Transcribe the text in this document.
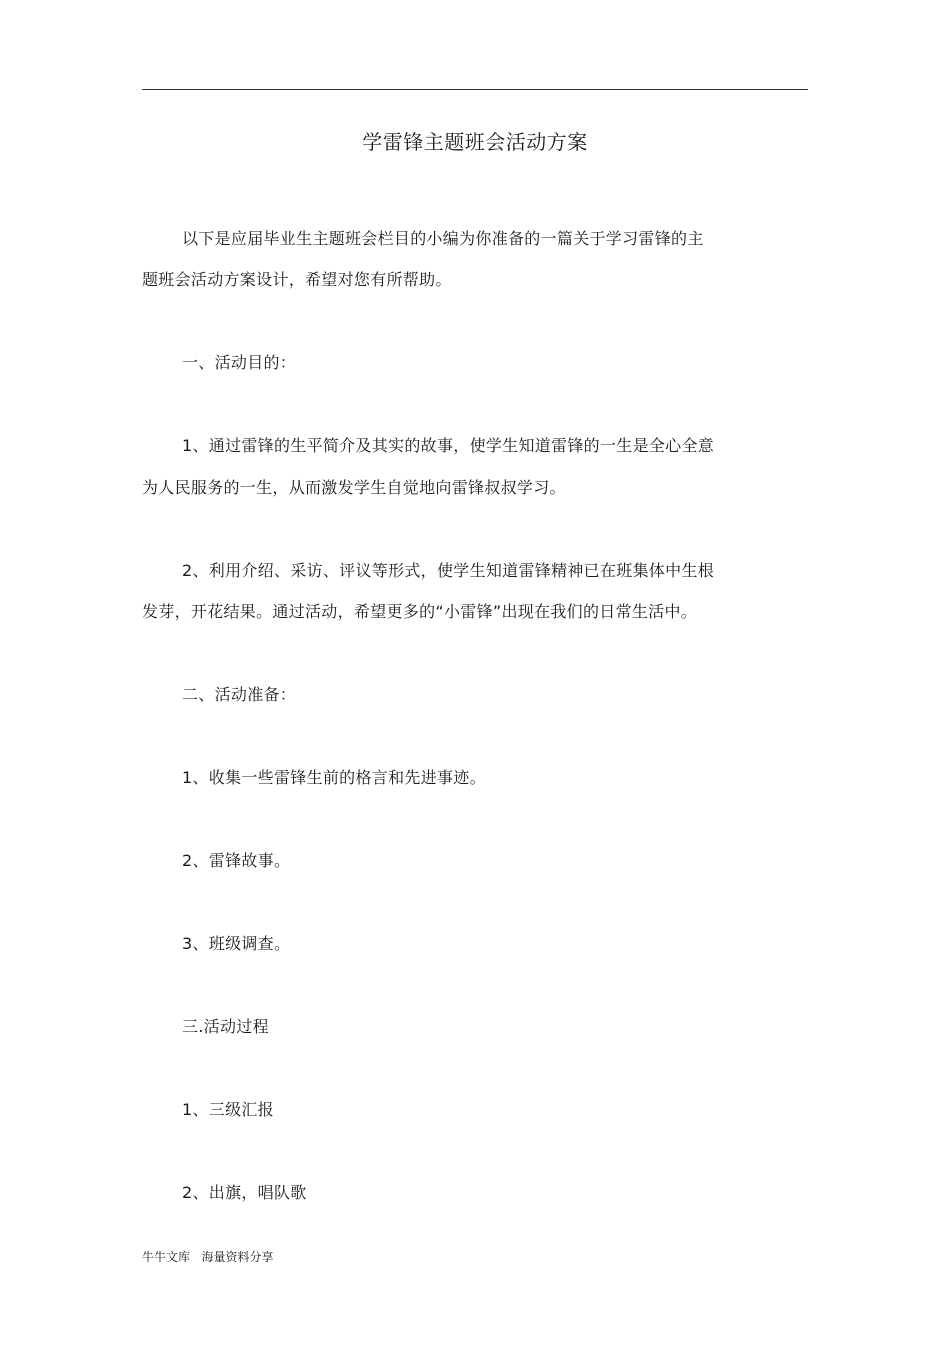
学雷锋主题班会活动方案
以下是应届毕业生主题班会栏目的小编为你准备的一篇关于学习雷锋的主
题班会活动方案设计，希望对您有所帮助。
一、活动目的：
1、通过雷锋的生平简介及其实的故事，使学生知道雷锋的一生是全心全意
为人民服务的一生，从而激发学生自觉地向雷锋叔叔学习。
2、利用介绍、采访、评议等形式，使学生知道雷锋精神已在班集体中生根
发芽，开花结果。通过活动，希望更多的“小雷锋”出现在我们的日常生活中。
二、活动准备：
1、收集一些雷锋生前的格言和先进事迹。
2、雷锋故事。
3、班级调查。
三.活动过程
1、三级汇报
2、出旗，唱队歌
牛牛文库   海量资料分享
